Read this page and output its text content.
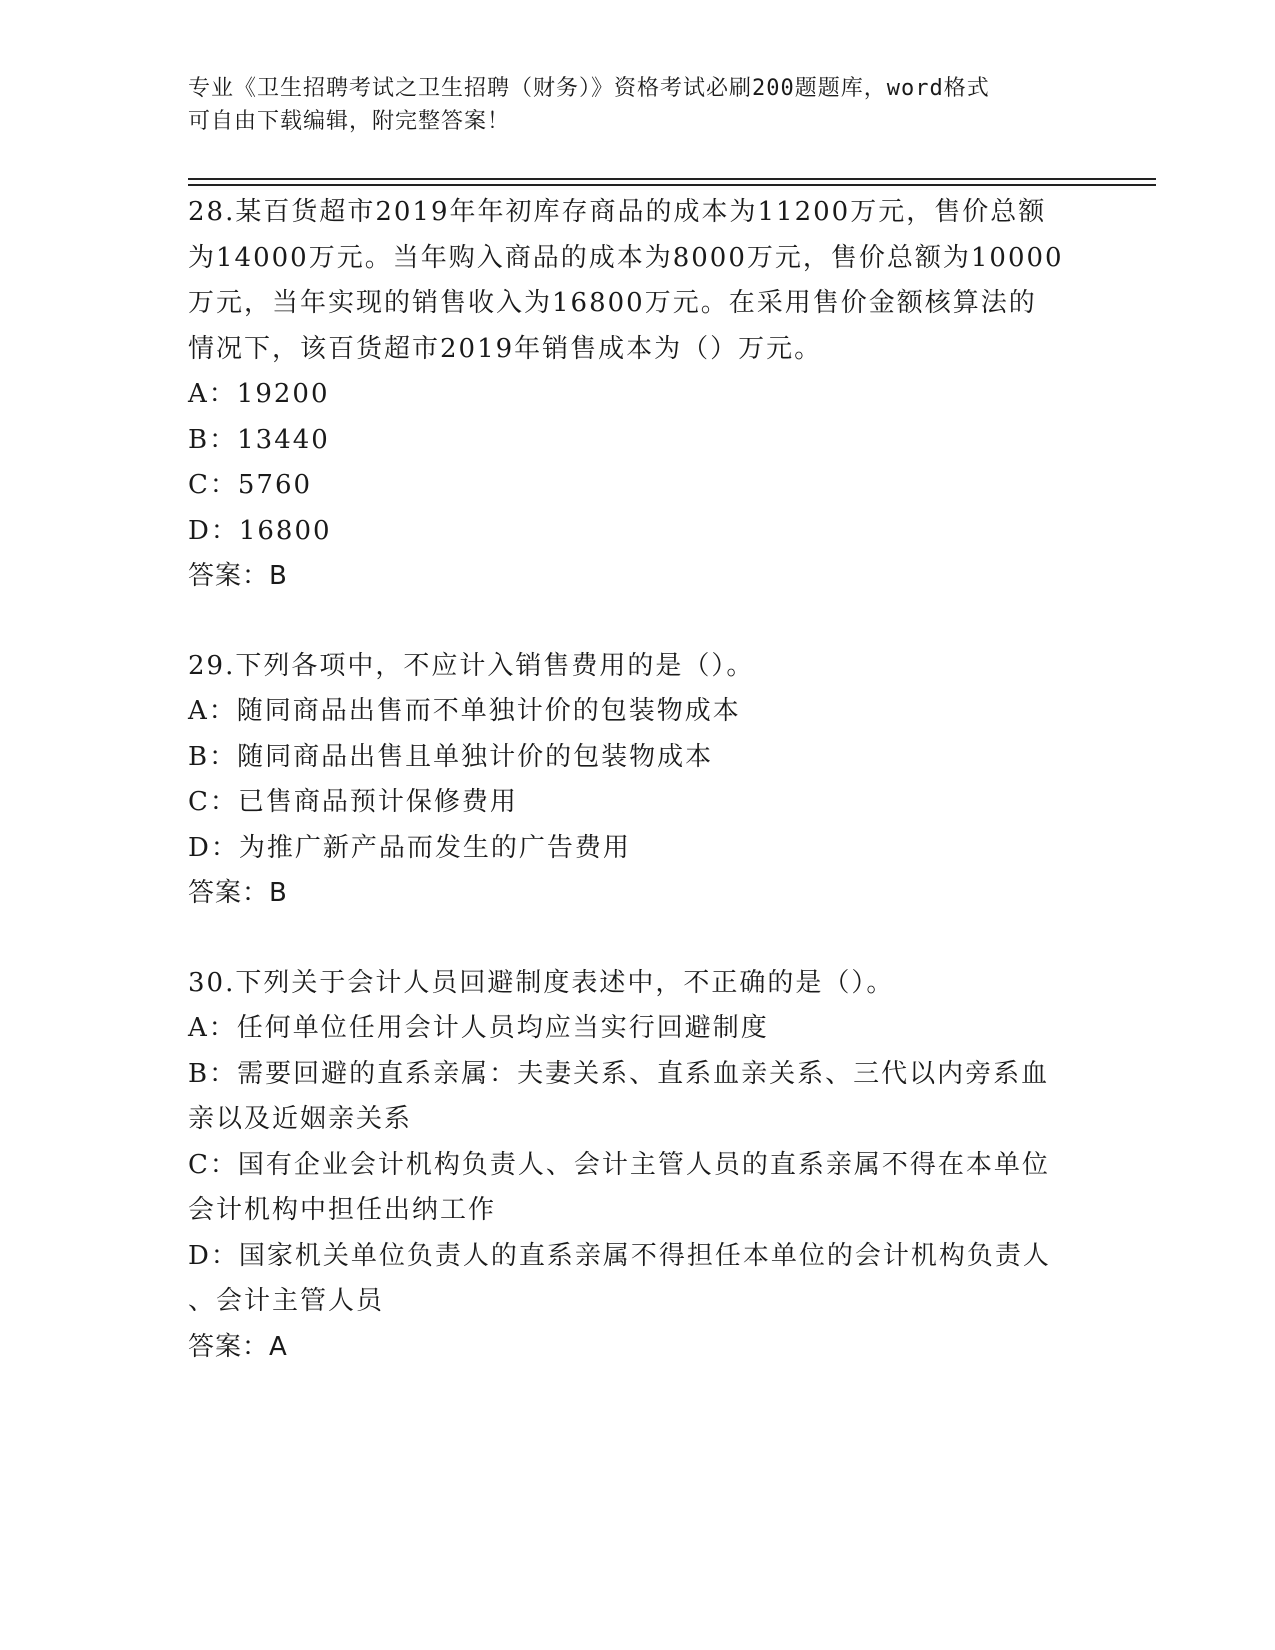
专业《卫生招聘考试之卫生招聘（财务）》资格考试必刷200题题库，word格式
可自由下载编辑，附完整答案！
28.某百货超市2019年年初库存商品的成本为11200万元，售价总额
为14000万元。当年购入商品的成本为8000万元，售价总额为10000
万元，当年实现的销售收入为16800万元。在采用售价金额核算法的
情况下，该百货超市2019年销售成本为（）万元。
A：19200
B：13440
C：5760
D：16800
答案：B
29.下列各项中，不应计入销售费用的是（）。
A：随同商品出售而不单独计价的包装物成本
B：随同商品出售且单独计价的包装物成本
C：已售商品预计保修费用
D：为推广新产品而发生的广告费用
答案：B
30.下列关于会计人员回避制度表述中，不正确的是（）。
A：任何单位任用会计人员均应当实行回避制度
B：需要回避的直系亲属：夫妻关系、直系血亲关系、三代以内旁系血
亲以及近姻亲关系
C：国有企业会计机构负责人、会计主管人员的直系亲属不得在本单位
会计机构中担任出纳工作
D：国家机关单位负责人的直系亲属不得担任本单位的会计机构负责人
、会计主管人员
答案：A
